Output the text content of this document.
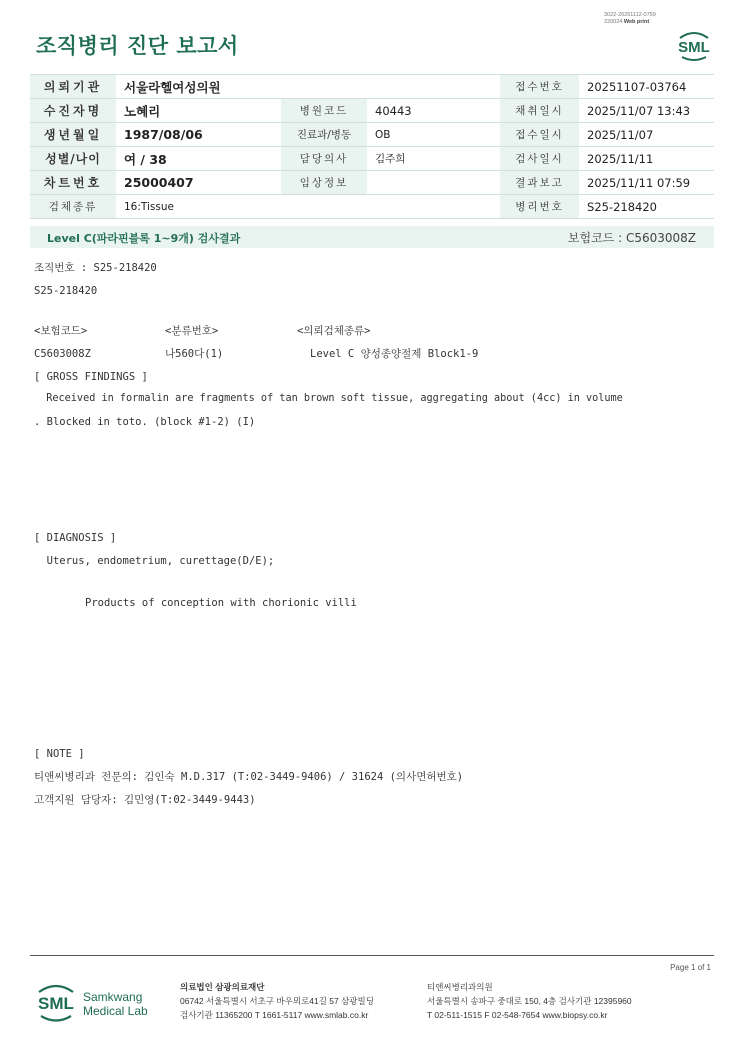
조직병리 진단 보고서
3022-20251112-0759
220024 Web print
SML
의뢰기관	서울라헬여성의원			접수번호	20251107-03764
수진자명	노혜리	병원코드	40443	채취일시	2025/11/07 13:43
생년월일	1987/08/06	진료과/병동	OB	접수일시	2025/11/07
성별/나이	여 / 38	담당의사	김주희	검사일시	2025/11/11
차트번호	25000407	임상정보		결과보고	2025/11/11 07:59
검체종류	16:Tissue			병리번호	S25-218420
Level C(파라핀블록 1~9개) 검사결과	보험코드 : C5603008Z
조직번호 : S25-218420
S25-218420
<보험코드>	<분류번호>	<의뢰검체종류>
C5603008Z	나560다(1)	Level C 양성종양절제 Block1-9
[ GROSS FINDINGS ]
Received in formalin are fragments of tan brown soft tissue, aggregating about (4cc) in volume
. Blocked in toto. (block #1-2) (I)
[ DIAGNOSIS ]
Uterus, endometrium, curettage(D/E);
Products of conception with chorionic villi
[ NOTE ]
티앤씨병리과 전문의: 김인숙 M.D.317 (T:02-3449-9406) / 31624 (의사면허번호)
고객지원 담당자: 김민영(T:02-3449-9443)
Page 1 of 1
SML Samkwang
Medical Lab
의료법인 삼광의료재단
06742 서울특별시 서초구 바우뫼로41길 57 삼광빌딩
검사기관 11365200 T 1661-5117 www.smlab.co.kr
티앤씨병리과의원
서울특별시 송파구 중대로 150, 4층 검사기관 12395960
T 02-511-1515 F 02-548-7654 www.biopsy.co.kr
